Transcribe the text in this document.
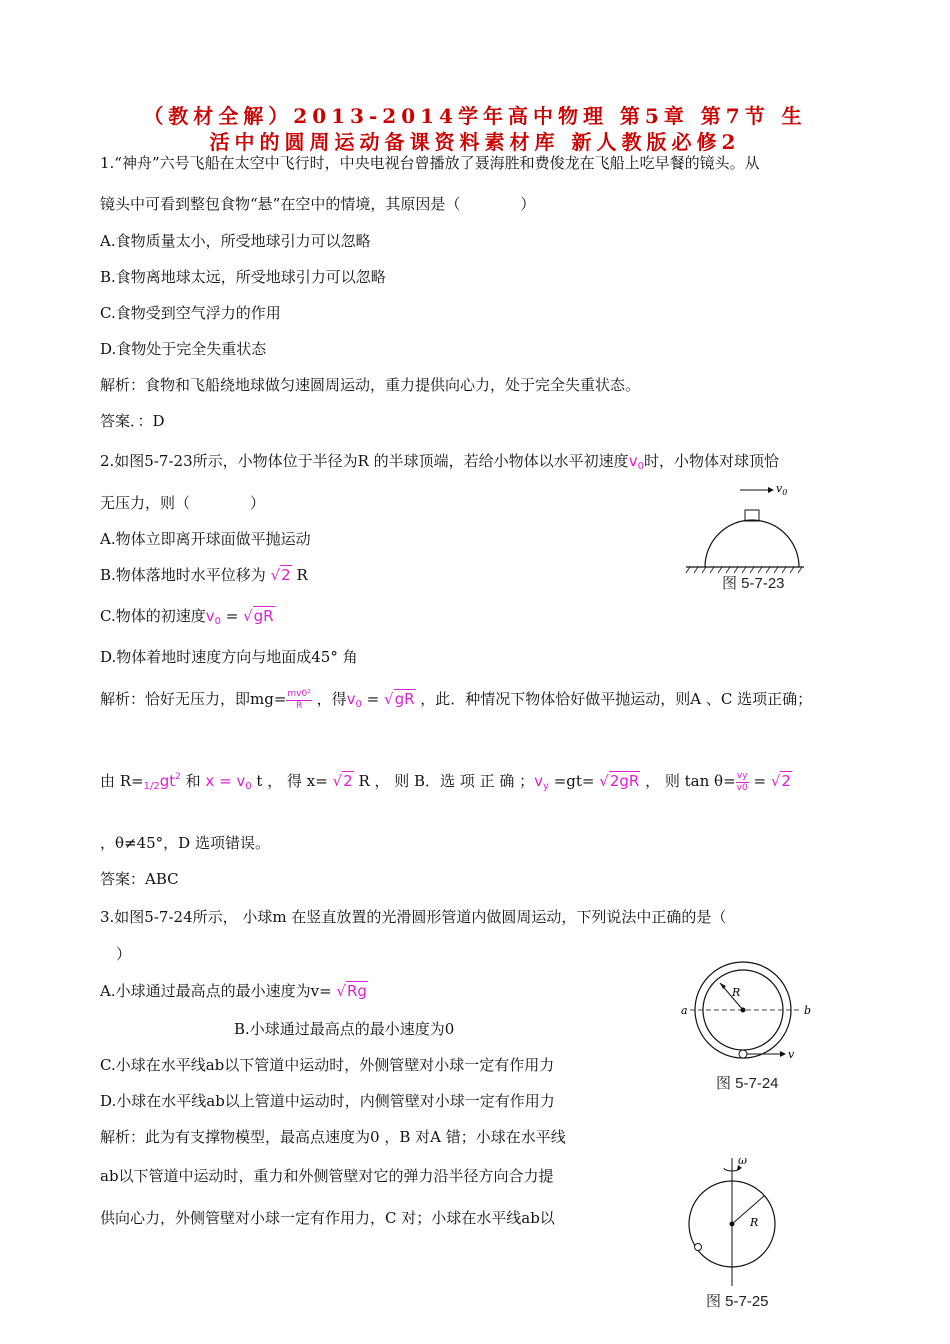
（教材全解）2013-2014学年高中物理 第5章 第7节 生
活中的圆周运动备课资料素材库 新人教版必修2
1.“神舟”六号飞船在太空中飞行时，中央电视台曾播放了聂海胜和费俊龙在飞船上吃早餐的镜头。从
镜头中可看到整包食物“悬”在空中的情境，其原因是（　　　　）
A.食物质量太小，所受地球引力可以忽略
B.食物离地球太远，所受地球引力可以忽略
C.食物受到空气浮力的作用
D.食物处于完全失重状态
解析：食物和飞船绕地球做匀速圆周运动，重力提供向心力，处于完全失重状态。
答案．：D
2.如图5-7-23所示，小物体位于半径为R 的半球顶端，若给小物体以水平初速度$v_0$时，小物体对球顶恰
无压力，则（　　　　）
A.物体立即离开球面做平抛运动
B.物体落地时水平位移为 √2 R
C.物体的初速度$v_0 = √gR$
D.物体着地时速度方向与地面成45° 角
解析：恰好无压力，即$mg= \frac{\text{mv0²}}{R}$ ，得$v_0 = √gR$ ，此．种情况下物体恰好做平抛运动，则A 、C 选项正确；
由 $R=_{1/2}gt^2$ 和 $x = v_0$ t ， 得 x= √2 R ， 则 B．选 项 正 确 ；$v_y =gt= √2gR$ ， 则 $\tan \theta= \frac{vy}{v0} = √2$
，θ≠45°，D 选项错误。
答案：ABC
3.如图5-7-24所示， 小球m 在竖直放置的光滑圆形管道内做圆周运动，下列说法中正确的是（
）
A.小球通过最高点的最小速度为v= √Rg
B.小球通过最高点的最小速度为0
C.小球在水平线ab以下管道中运动时，外侧管壁对小球一定有作用力
D.小球在水平线ab以上管道中运动时，内侧管壁对小球一定有作用力
解析：此为有支撑物模型，最高点速度为0 ，B 对A 错；小球在水平线
ab以下管道中运动时，重力和外侧管壁对它的弹力沿半径方向合力提
供向心力，外侧管壁对小球一定有作用力，C 对；小球在水平线ab以
$v_0$
图 5-7-23
R
a	b
v
图 5-7-24
ω
R
图 5-7-25
